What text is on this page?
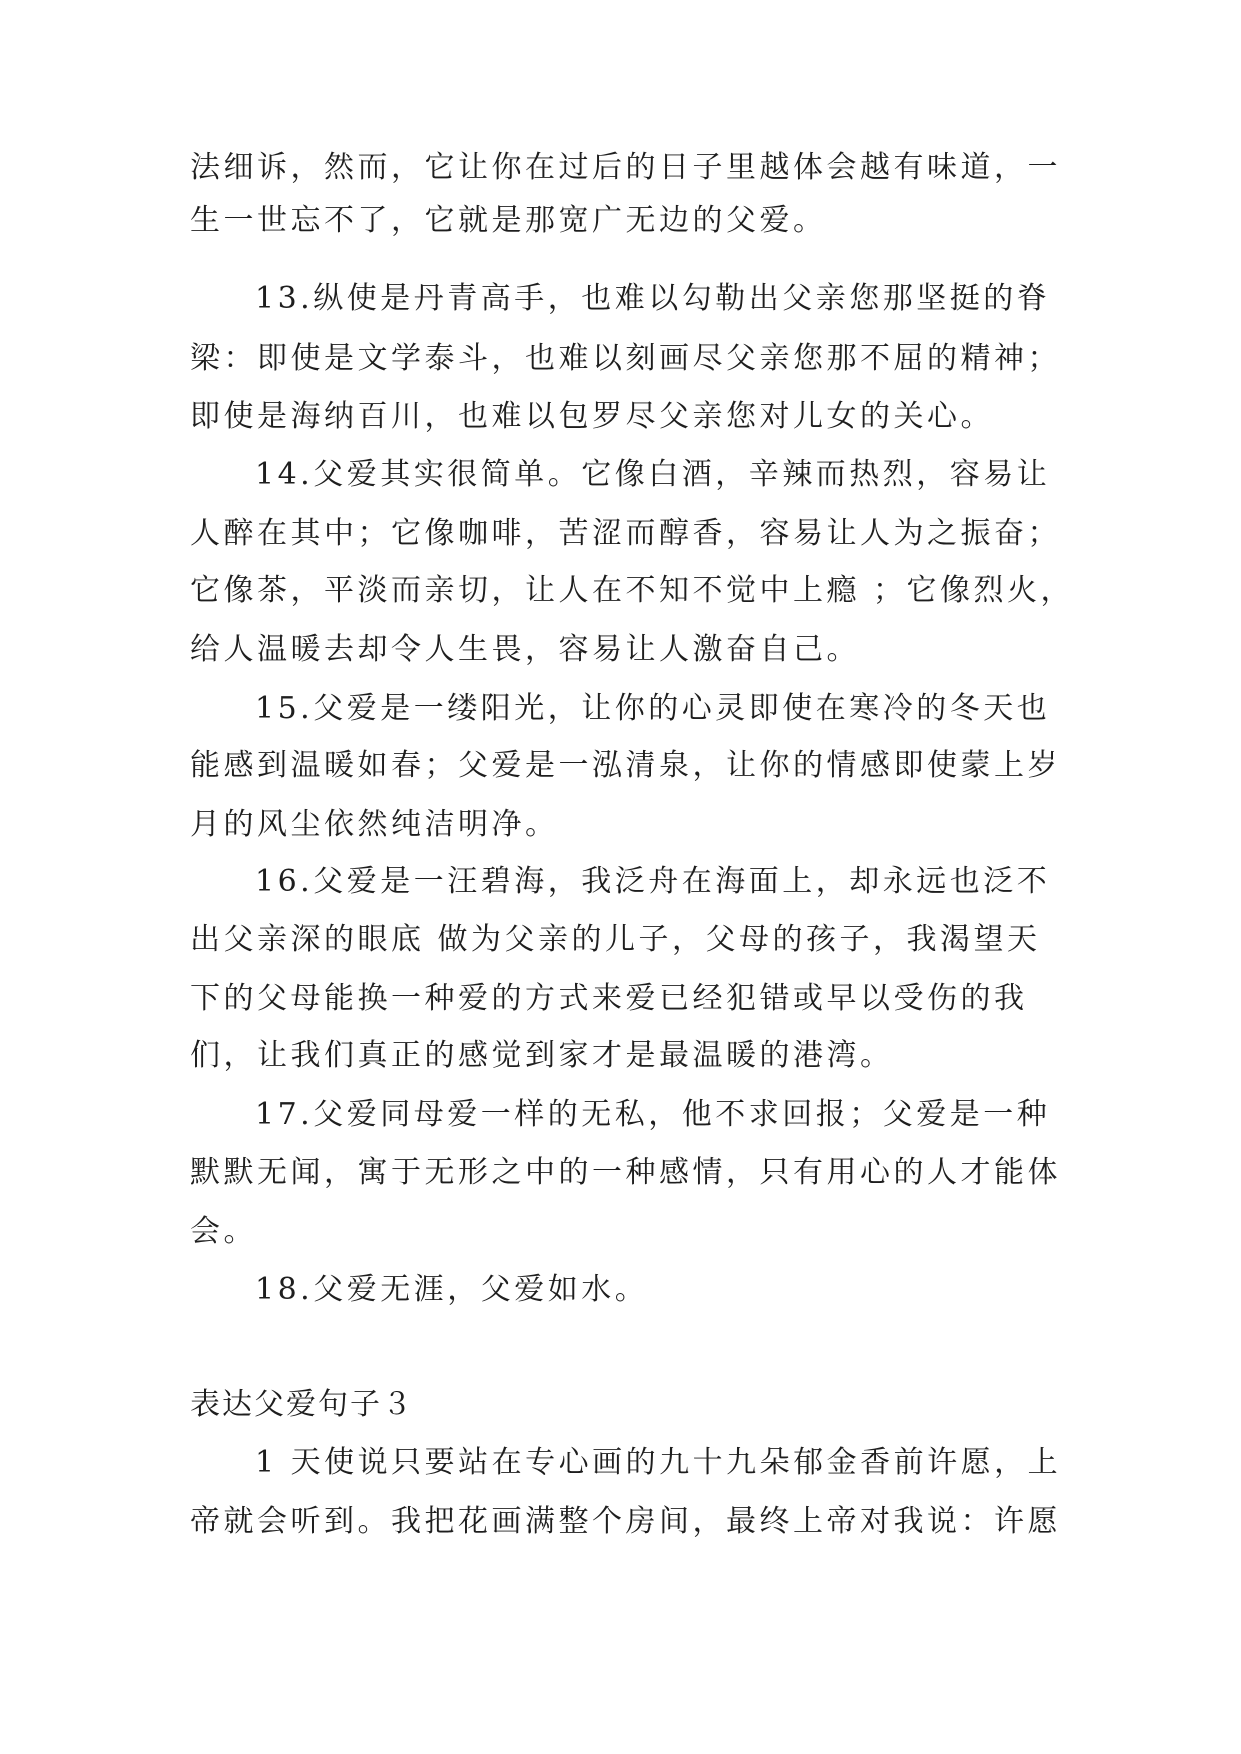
法细诉，然而，它让你在过后的日子里越体会越有味道，一
生一世忘不了，它就是那宽广无边的父爱。
13.纵使是丹青高手，也难以勾勒出父亲您那坚挺的脊
梁：即使是文学泰斗，也难以刻画尽父亲您那不屈的精神；
即使是海纳百川，也难以包罗尽父亲您对儿女的关心。
14.父爱其实很简单。它像白酒，辛辣而热烈，容易让
人醉在其中；它像咖啡，苦涩而醇香，容易让人为之振奋；
它像茶，平淡而亲切，让人在不知不觉中上瘾 ；它像烈火，
给人温暖去却令人生畏，容易让人激奋自己。
15.父爱是一缕阳光，让你的心灵即使在寒冷的冬天也
能感到温暖如春；父爱是一泓清泉，让你的情感即使蒙上岁
月的风尘依然纯洁明净。
16.父爱是一汪碧海，我泛舟在海面上，却永远也泛不
出父亲深的眼底 做为父亲的儿子，父母的孩子，我渴望天
下的父母能换一种爱的方式来爱已经犯错或早以受伤的我
们，让我们真正的感觉到家才是最温暖的港湾。
17.父爱同母爱一样的无私，他不求回报；父爱是一种
默默无闻，寓于无形之中的一种感情，只有用心的人才能体
会。
18.父爱无涯，父爱如水。
表达父爱句子３
1 天使说只要站在专心画的九十九朵郁金香前许愿，上
帝就会听到。我把花画满整个房间，最终上帝对我说：许愿
